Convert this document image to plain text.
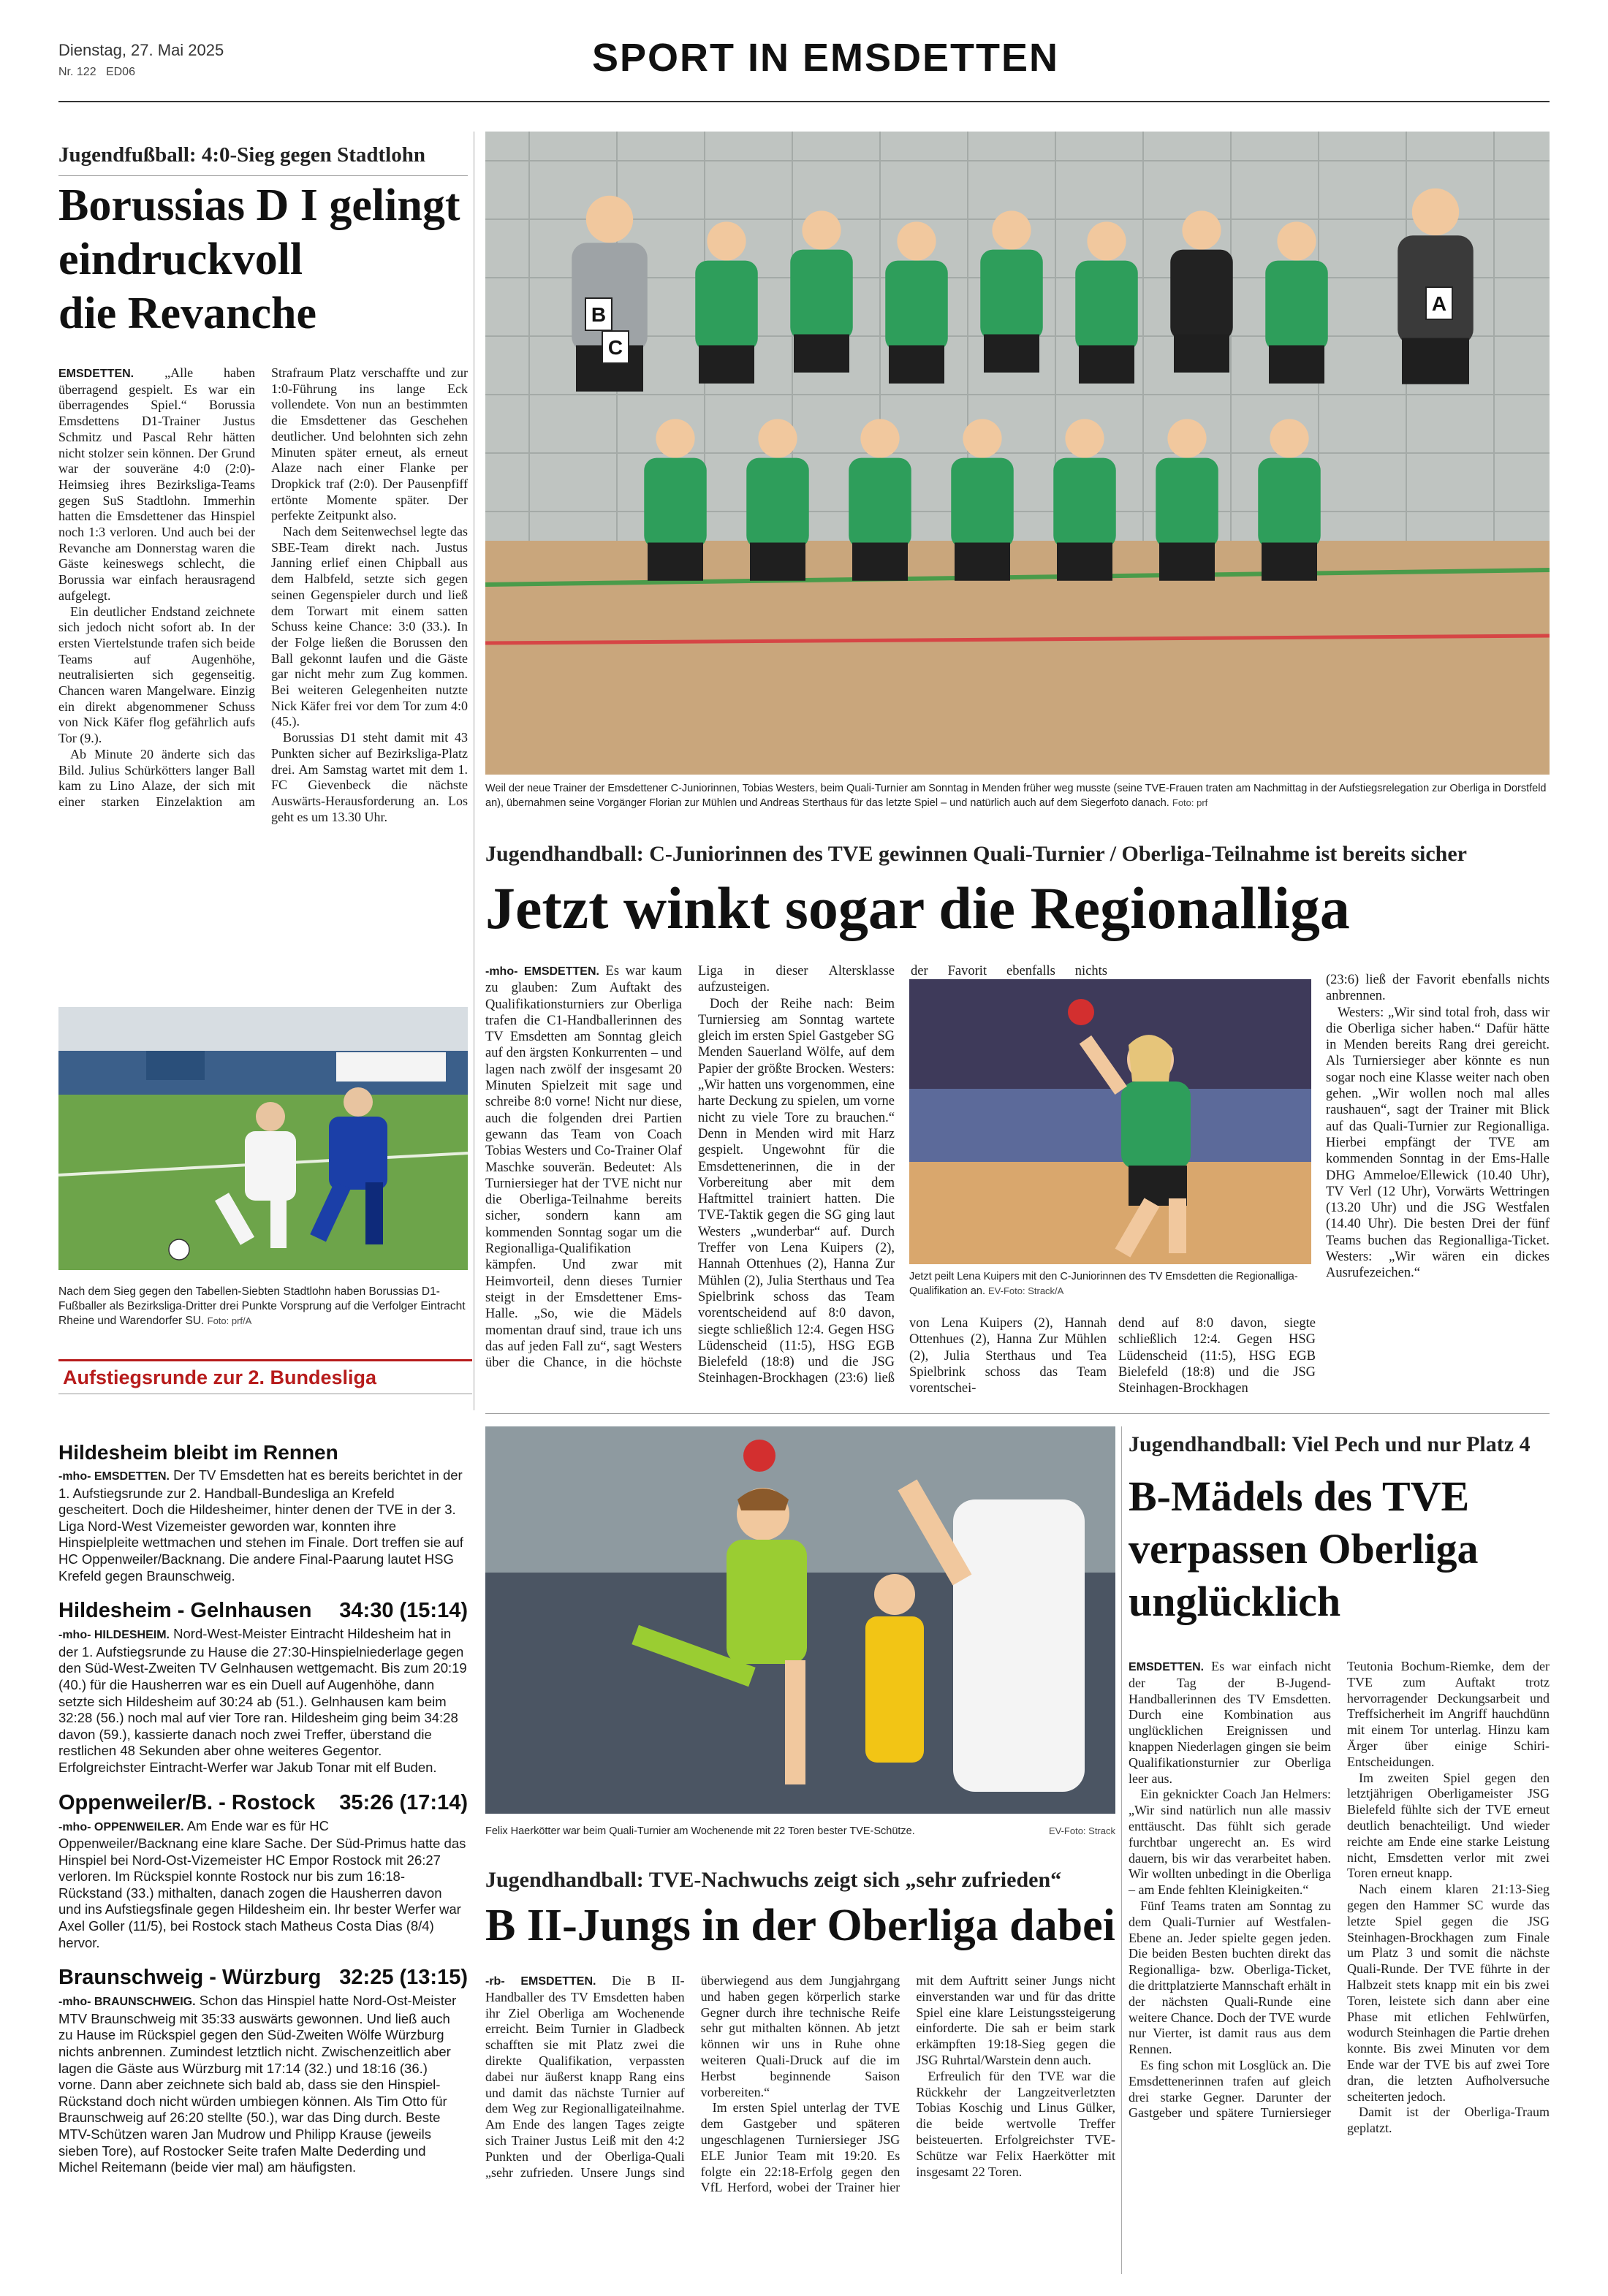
Dienstag, 27. Mai 2025
Nr. 122 ED06	SPORT IN EMSDETTEN
Jugendfußball: 4:0-Sieg gegen Stadtlohn
Borussias D I gelingt
eindruckvoll
die Revanche

EMSDETTEN. „Alle haben überragend gespielt. Es war ein überragendes Spiel.“ Borussia Emsdettens D1-Trainer Justus Schmitz und Pascal Rehr hätten nicht stolzer sein können. Der Grund war der souveräne 4:0 (2:0)-Heimsieg ihres Bezirksliga-Teams gegen SuS Stadtlohn. Immerhin hatten die Emsdettener das Hinspiel noch 1:3 verloren. Und auch bei der Revanche am Donnerstag waren die Gäste keineswegs schlecht, die Borussia war einfach herausragend aufgelegt.

Ein deutlicher Endstand zeichnete sich jedoch nicht sofort ab. In der ersten Viertelstunde trafen sich beide Teams auf Augenhöhe, neutralisierten sich gegenseitig. Chancen waren Mangelware. Einzig ein direkt abgenommener Schuss von Nick Käfer flog gefährlich aufs Tor (9.).

Ab Minute 20 änderte sich das Bild. Julius Schürkötters langer Ball kam zu Lino Alaze, der sich mit einer starken Einzelaktion am Strafraum Platz verschaffte und zur 1:0-Führung ins lange Eck vollendete. Von nun an bestimmten die Emsdettener das Geschehen deutlicher. Und belohnten sich zehn Minuten später erneut, als erneut Alaze nach einer Flanke per Dropkick traf (2:0). Der Pausenpfiff ertönte Momente später. Der perfekte Zeitpunkt also.

Nach dem Seitenwechsel legte das SBE-Team direkt nach. Justus Janning erlief einen Chipball aus dem Halbfeld, setzte sich gegen seinen Gegenspieler durch und ließ dem Torwart mit einem satten Schuss keine Chance: 3:0 (33.). In der Folge ließen die Borussen den Ball gekonnt laufen und die Gäste gar nicht mehr zum Zug kommen. Bei weiteren Gelegenheiten nutzte Nick Käfer frei vor dem Tor zum 4:0 (45.).

Borussias D1 steht damit mit 43 Punkten sicher auf Bezirksliga-Platz drei. Am Samstag wartet mit dem 1. FC Gievenbeck die nächste Auswärts-Herausforderung an. Los geht es um 13.30 Uhr.

Nach dem Sieg gegen den Tabellen-Siebten Stadtlohn haben Borussias D1-Fußballer als Bezirksliga-Dritter drei Punkte Vorsprung auf die Verfolger Eintracht Rheine und Warendorfer SU. Foto: prf/A
Aufstiegsrunde zur 2. Bundesliga
Hildesheim bleibt im Rennen
-mho- EMSDETTEN. Der TV Emsdetten hat es bereits berichtet in der 1. Aufstiegsrunde zur 2. Handball-Bundesliga an Krefeld gescheitert. Doch die Hildesheimer, hinter denen der TVE in der 3. Liga Nord-West Vizemeister geworden war, konnten ihre Hinspielpleite wettmachen und stehen im Finale. Dort treffen sie auf HC Oppenweiler/Backnang. Die andere Final-Paarung lautet HSG Krefeld gegen Braunschweig.
Hildesheim - Gelnhausen 34:30 (15:14)
-mho- HILDESHEIM. Nord-West-Meister Eintracht Hildesheim hat in der 1. Aufstiegsrunde zu Hause die 27:30-Hinspielniederlage gegen den Süd-West-Zweiten TV Gelnhausen wettgemacht. Bis zum 20:19 (40.) für die Hausherren war es ein Duell auf Augenhöhe, dann setzte sich Hildesheim auf 30:24 ab (51.). Gelnhausen kam beim 32:28 (56.) noch mal auf vier Tore ran. Hildesheim ging beim 34:28 davon (59.), kassierte danach noch zwei Treffer, überstand die restlichen 48 Sekunden aber ohne weiteres Gegentor. Erfolgreichster Eintracht-Werfer war Jakub Tonar mit elf Buden.
Oppenweiler/B. - Rostock 35:26 (17:14)
-mho- OPPENWEILER. Am Ende war es für HC Oppenweiler/Backnang eine klare Sache. Der Süd-Primus hatte das Hinspiel bei Nord-Ost-Vizemeister HC Empor Rostock mit 26:27 verloren. Im Rückspiel konnte Rostock nur bis zum 16:18-Rückstand (33.) mithalten, danach zogen die Hausherren davon und ins Aufstiegsfinale gegen Hildesheim ein. Ihr bester Werfer war Axel Goller (11/5), bei Rostock stach Matheus Costa Dias (8/4) hervor.
Braunschweig - Würzburg 32:25 (13:15)
-mho- BRAUNSCHWEIG. Schon das Hinspiel hatte Nord-Ost-Meister MTV Braunschweig mit 35:33 auswärts gewonnen. Und ließ auch zu Hause im Rückspiel gegen den Süd-Zweiten Wölfe Würzburg nichts anbrennen. Zumindest letztlich nicht. Zwischenzeitlich aber lagen die Gäste aus Würzburg mit 17:14 (32.) und 18:16 (36.) vorne. Dann aber zeichnete sich bald ab, dass sie den Hinspiel-Rückstand doch nicht würden umbiegen können. Als Tim Otto für Braunschweig auf 26:20 stellte (50.), war das Ding durch. Beste MTV-Schützen waren Jan Mudrow und Philipp Krause (jeweils sieben Tore), auf Rostocker Seite trafen Malte Dederding und Michel Reitemann (beide vier mal) am häufigsten.
B	A
C
Weil der neue Trainer der Emsdettener C-Juniorinnen, Tobias Westers, beim Quali-Turnier am Sonntag in Menden früher weg musste (seine TVE-Frauen traten am Nachmittag in der Aufstiegsrelegation zur Oberliga in Dorstfeld an), übernahmen seine Vorgänger Florian zur Mühlen und Andreas Sterthaus für das letzte Spiel – und natürlich auch auf dem Siegerfoto danach. Foto: prf
Jugendhandball: C-Juniorinnen des TVE gewinnen Quali-Turnier / Oberliga-Teilnahme ist bereits sicher
Jetzt winkt sogar die Regionalliga

-mho- EMSDETTEN. Es war kaum zu glauben: Zum Auftakt des Qualifikationsturniers zur Oberliga trafen die C1-Handballerinnen des TV Emsdetten am Sonntag gleich auf den ärgsten Konkurrenten – und lagen nach zwölf der insgesamt 20 Minuten Spielzeit mit sage und schreibe 8:0 vorne! Nicht nur diese, auch die folgenden drei Partien gewann das Team von Coach Tobias Westers und Co-Trainer Olaf Maschke souverän. Bedeutet: Als Turniersieger hat der TVE nicht nur die Oberliga-Teilnahme bereits sicher, sondern kann am kommenden Sonntag sogar um die Regionalliga-Qualifikation kämpfen. Und zwar mit Heimvorteil, denn dieses Turnier steigt in der Emsdettener Ems-Halle. „So, wie die Mädels momentan drauf sind, traue ich uns das auf jeden Fall zu“, sagt Westers über die Chance, in die höchste Liga in dieser Altersklasse aufzusteigen.

Doch der Reihe nach: Beim Turniersieg am Sonntag wartete gleich im ersten Spiel Gastgeber SG Menden Sauerland Wölfe, auf dem Papier der größte Brocken. Westers: „Wir hatten uns vorgenommen, eine harte Deckung zu spielen, um vorne nicht zu viele Tore zu brauchen.“ Denn in Menden wird mit Harz gespielt. Ungewohnt für die Emsdettenerinnen, die in der Vorbereitung aber mit dem Haftmittel trainiert hatten. Die TVE-Taktik gegen die SG ging laut Westers „wunderbar“ auf. Durch Treffer von Lena Kuipers (2), Hannah Ottenhues (2), Hanna Zur Mühlen (2), Julia Sterthaus und Tea Spielbrink schoss das Team vorentscheidend auf 8:0 davon, siegte schließlich 12:4. Gegen HSG Lüdenscheid (11:5), HSG EGB Bielefeld (18:8) und die JSG Steinhagen-Brockhagen (23:6) ließ der Favorit ebenfalls nichts

Jetzt peilt Lena Kuipers mit den C-Juniorinnen des TV Emsdetten die Regionalliga-Qualifikation an. EV-Foto: Strack/A

von Lena Kuipers (2), Hannah Ottenhues (2), Hanna Zur Mühlen (2), Julia Sterthaus und Tea Spielbrink schoss das Team vorentschei-

dend auf 8:0 davon, siegte schließlich 12:4. Gegen HSG Lüdenscheid (11:5), HSG EGB Bielefeld (18:8) und die JSG Steinhagen-Brockhagen

(23:6) ließ der Favorit ebenfalls nichts anbrennen.

Westers: „Wir sind total froh, dass wir die Oberliga sicher haben.“ Dafür hätte in Menden bereits Rang drei gereicht. Als Turniersieger aber könnte es nun sogar noch eine Klasse weiter nach oben gehen. „Wir wollen noch mal alles raushauen“, sagt der Trainer mit Blick auf das Quali-Turnier zur Regionalliga. Hierbei empfängt der TVE am kommenden Sonntag in der Ems-Halle DHG Ammeloe/Ellewick (10.40 Uhr), TV Verl (12 Uhr), Vorwärts Wettringen (13.20 Uhr) und die JSG Westfalen (14.40 Uhr). Die besten Drei der fünf Teams buchen das Regionalliga-Ticket. Westers: „Wir wären ein dickes Ausrufezeichen.“

Felix Haerkötter war beim Quali-Turnier am Wochenende mit 22 Toren bester TVE-Schütze.	EV-Foto: Strack
Jugendhandball: TVE-Nachwuchs zeigt sich „sehr zufrieden“
B II-Jungs in der Oberliga dabei

-rb- EMSDETTEN. Die B II-Handballer des TV Emsdetten haben ihr Ziel Oberliga am Wochenende erreicht. Beim Turnier in Gladbeck schafften sie mit Platz zwei die direkte Qualifikation, verpassten dabei nur äußerst knapp Rang eins und damit das nächste Turnier auf dem Weg zur Regionalligateilnahme. Am Ende des langen Tages zeigte sich Trainer Justus Leiß mit den 4:2 Punkten und der Oberliga-Quali „sehr zufrieden. Unsere Jungs sind überwiegend aus dem Jungjahrgang und haben gegen körperlich starke Gegner durch ihre technische Reife sehr gut mithalten können. Ab jetzt können wir uns in Ruhe ohne weiteren Quali-Druck auf die im Herbst beginnende Saison vorbereiten.“

Im ersten Spiel unterlag der TVE dem Gastgeber und späteren ungeschlagenen Turniersieger JSG ELE Junior Team mit 19:20. Es folgte ein 22:18-Erfolg gegen den VfL Herford, wobei der Trainer hier mit dem Auftritt seiner Jungs nicht einverstanden war und für das dritte Spiel eine klare Leistungssteigerung einforderte. Die sah er beim stark erkämpften 19:18-Sieg gegen die JSG Ruhrtal/Warstein denn auch.

Erfreulich für den TVE war die Rückkehr der Langzeitverletzten Tobias Koschig und Linus Gülker, die beide wertvolle Treffer beisteuerten. Erfolgreichster TVE-Schütze war Felix Haerkötter mit insgesamt 22 Toren.

Jugendhandball: Viel Pech und nur Platz 4
B-Mädels des TVE
verpassen Oberliga
unglücklich

EMSDETTEN. Es war einfach nicht der Tag der B-Jugend-Handballerinnen des TV Emsdetten. Durch eine Kombination aus unglücklichen Ereignissen und knappen Niederlagen gingen sie beim Qualifikationsturnier zur Oberliga leer aus.

Ein geknickter Coach Jan Helmers: „Wir sind natürlich nun alle massiv enttäuscht. Das fühlt sich gerade furchtbar ungerecht an. Es wird dauern, bis wir das verarbeitet haben. Wir wollten unbedingt in die Oberliga – am Ende fehlten Kleinigkeiten.“

Fünf Teams traten am Sonntag zu dem Quali-Turnier auf Westfalen-Ebene an. Jeder spielte gegen jeden. Die beiden Besten buchten direkt das Regionalliga- bzw. Oberliga-Ticket, die drittplatzierte Mannschaft erhält in der nächsten Quali-Runde eine weitere Chance. Doch der TVE wurde nur Vierter, ist damit raus aus dem Rennen.

Es fing schon mit Losglück an. Die Emsdettenerinnen trafen auf gleich drei starke Gegner. Darunter der Gastgeber und spätere Turniersieger Teutonia Bochum-Riemke, dem der TVE zum Auftakt trotz hervorragender Deckungsarbeit und Treffsicherheit im Angriff hauchdünn mit einem Tor unterlag. Hinzu kam Ärger über einige Schiri-Entscheidungen.

Im zweiten Spiel gegen den letztjährigen Oberligameister JSG Bielefeld fühlte sich der TVE erneut deutlich benachteiligt. Und wieder reichte am Ende eine starke Leistung nicht, Emsdetten verlor mit zwei Toren erneut knapp.

Nach einem klaren 21:13-Sieg gegen den Hammer SC wurde das letzte Spiel gegen die JSG Steinhagen-Brockhagen zum Finale um Platz 3 und somit die nächste Quali-Runde. Der TVE führte in der Halbzeit stets knapp mit ein bis zwei Toren, leistete sich dann aber eine Phase mit etlichen Fehlwürfen, wodurch Steinhagen die Partie drehen konnte. Bis zwei Minuten vor dem Ende war der TVE bis auf zwei Tore dran, die letzten Aufholversuche scheiterten jedoch.

Damit ist der Oberliga-Traum geplatzt.
